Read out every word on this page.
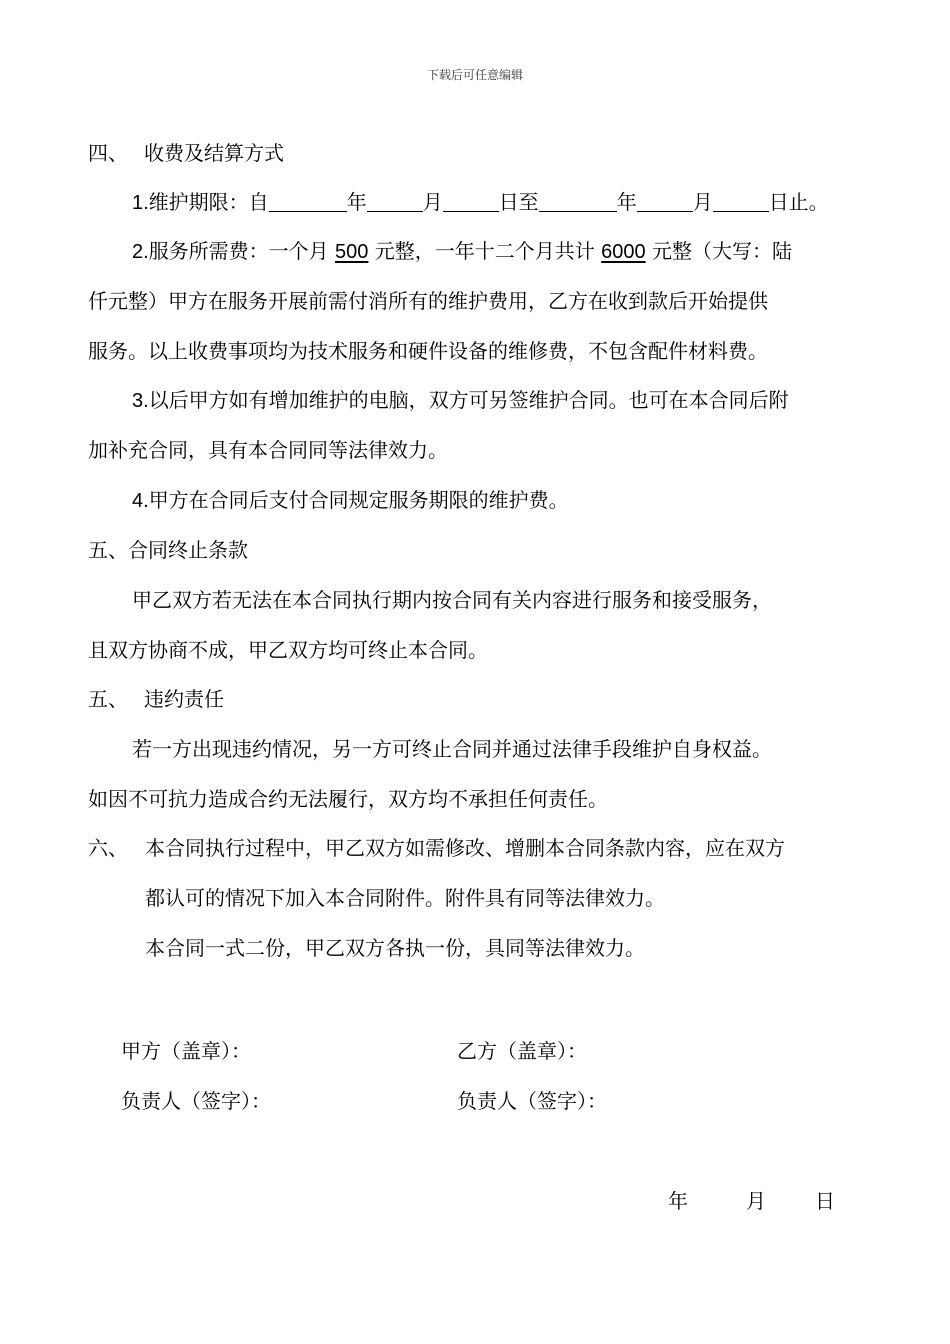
下载后可任意编辑
四、 收费及结算方式
1.维护期限：自	年	月	日至	年	月	日止。
2.服务所需费：一个月 500 元整，一年十二个月共计 6000 元整（大写：陆
仟元整）甲方在服务开展前需付消所有的维护费用，乙方在收到款后开始提供
服务。以上收费事项均为技术服务和硬件设备的维修费，不包含配件材料费。
3.以后甲方如有增加维护的电脑，双方可另签维护合同。也可在本合同后附
加补充合同，具有本合同同等法律效力。
4.甲方在合同后支付合同规定服务期限的维护费。
五、合同终止条款
甲乙双方若无法在本合同执行期内按合同有关内容进行服务和接受服务，
且双方协商不成，甲乙双方均可终止本合同。
五、 违约责任
若一方出现违约情况，另一方可终止合同并通过法律手段维护自身权益。
如因不可抗力造成合约无法履行，双方均不承担任何责任。
六、 本合同执行过程中，甲乙双方如需修改、增删本合同条款内容，应在双方
都认可的情况下加入本合同附件。附件具有同等法律效力。
本合同一式二份，甲乙双方各执一份，具同等法律效力。
甲方（盖章）：	乙方（盖章）：
负责人（签字）：	负责人（签字）：
年	月 日
